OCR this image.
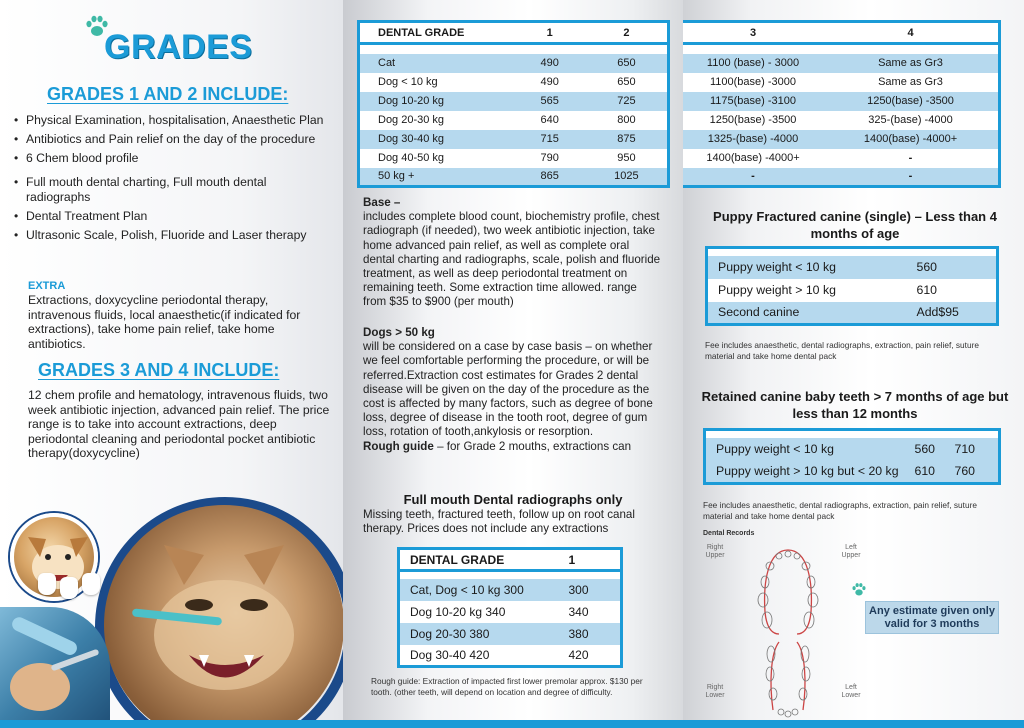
GRADES
GRADES 1 AND 2 INCLUDE:
• Physical Examination, hospitalisation, Anaesthetic Plan
• Antibiotics and Pain relief on the day of the procedure
• 6 Chem blood profile
• Full mouth dental charting, Full mouth dental radiographs
• Dental Treatment Plan
• Ultrasonic Scale, Polish, Fluoride and Laser therapy
EXTRA
Extractions, doxycycline periodontal therapy, intravenous fluids, local anaesthetic(if indicated for extractions), take home pain relief, take home antibiotics.
GRADES 3 AND 4 INCLUDE:
12 chem profile and hematology, intravenous fluids, two week antibiotic injection, advanced pain relief. The price range is to take into account extractions, deep periodontal cleaning and periodontal pocket antibiotic therapy(doxycycline)
DENTAL GRADE	1	2

Cat	490	650
Dog < 10 kg	490	650
Dog 10-20 kg	565	725
Dog 20-30 kg	640	800
Dog 30-40 kg	715	875
Dog 40-50 kg	790	950
50 kg +	865	1025
Base –
includes complete blood count, biochemistry profile, chest radiograph (if needed), two week antibiotic injection, take home advanced pain relief, as well as complete oral dental charting and radiographs, scale, polish and fluoride treatment, as well as deep periodontal treatment on remaining teeth. Some extraction time allowed. range from $35 to $900 (per mouth)
Dogs > 50 kg
will be considered on a case by case basis – on whether we feel comfortable performing the procedure, or will be referred.Extraction cost estimates for Grades 2 dental disease will be given on the day of the procedure as the cost is affected by many factors, such as degree of bone loss, degree of disease in the tooth root, degree of gum loss, rotation of tooth,ankylosis or resorption.
Rough guide – for Grade 2 mouths, extractions can
Full mouth Dental radiographs only
Missing teeth, fractured teeth, follow up on root canal therapy. Prices does not include any extractions
DENTAL GRADE	1

Cat, Dog < 10 kg 300	300
Dog 10-20 kg 340	340
Dog 20-30 380	380
Dog 30-40 420	420
Rough guide: Extraction of impacted first lower premolar approx. $130 per tooth. (other teeth, will depend on location and degree of difficulty.
3	4

1100 (base) - 3000	Same as Gr3
1100(base) -3000	Same as Gr3
1175(base) -3100	1250(base) -3500
1250(base) -3500	325-(base) -4000
1325-(base) -4000	1400(base) -4000+
1400(base) -4000+	-
-	-
Puppy Fractured canine (single) – Less than 4 months of age

Puppy weight < 10 kg	560
Puppy weight > 10 kg	610
Second canine	Add$95
Fee includes anaesthetic, dental radiographs, extraction, pain relief, suture material and take home dental pack
Retained canine baby teeth > 7 months of age but less than 12 months

Puppy weight < 10 kg	560	710
Puppy weight > 10 kg but < 20 kg	610	760
Fee includes anaesthetic, dental radiographs, extraction, pain relief, suture material and take home dental pack
Dental Records
Right Upper
Left Upper
Right Lower
Left Lower
Any estimate given only valid for 3 months
